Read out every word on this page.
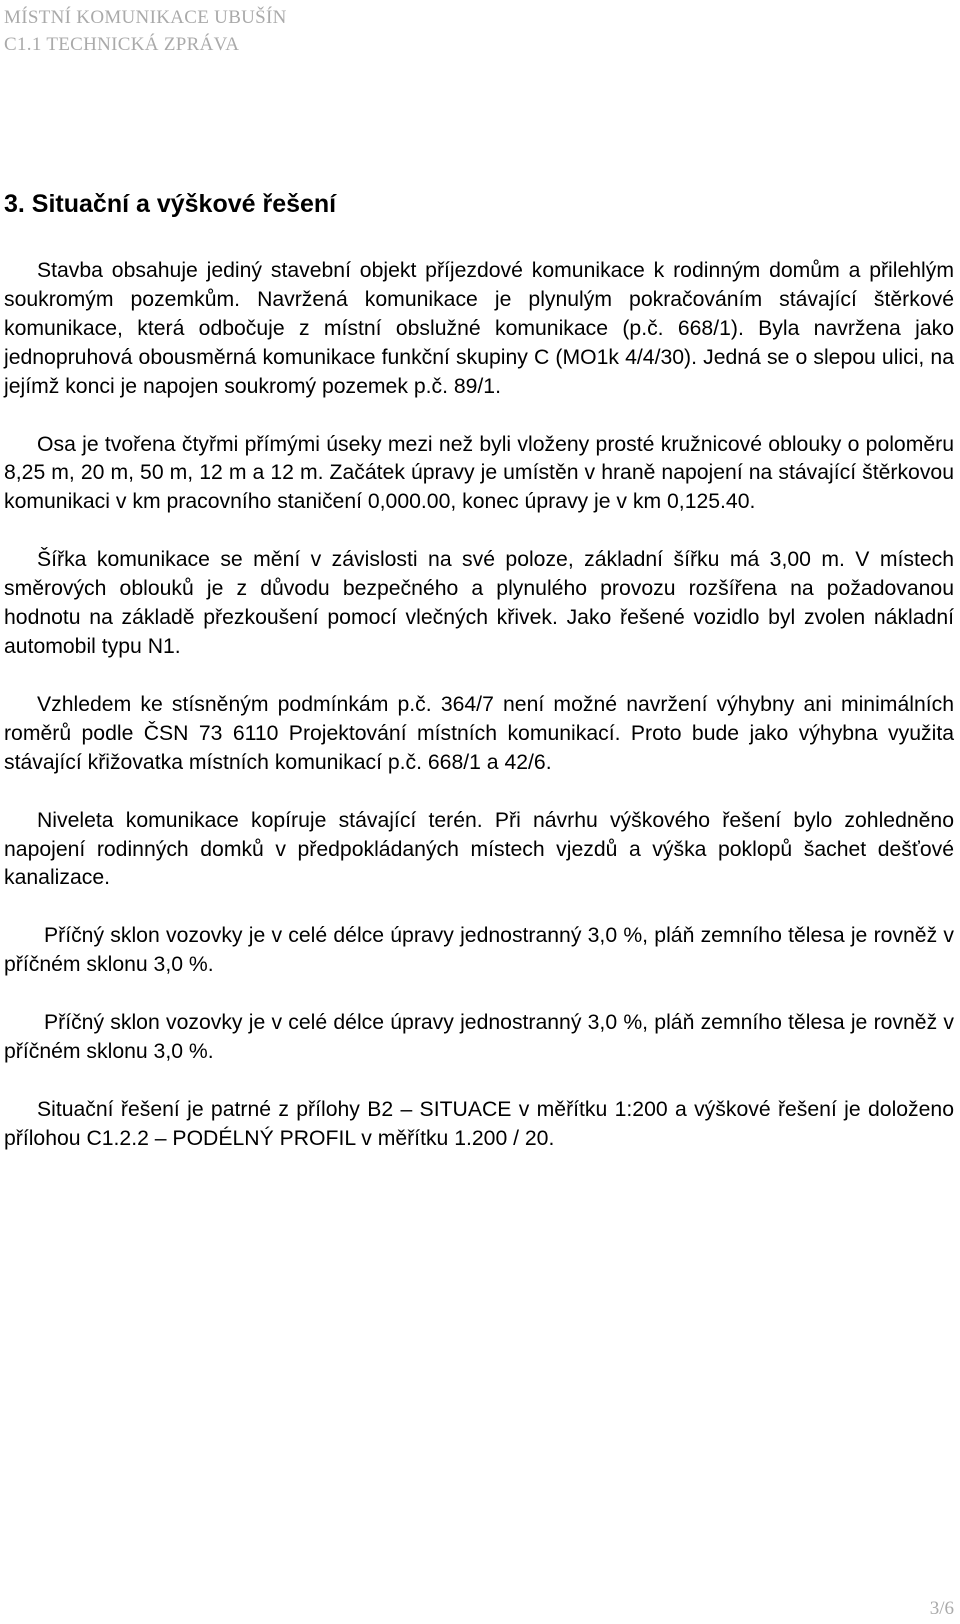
MÍSTNÍ KOMUNIKACE UBUŠÍN
C1.1 TECHNICKÁ ZPRÁVA
3. Situační a výškové řešení

Stavba obsahuje jediný stavební objekt příjezdové komunikace k rodinným domům a přilehlým soukromým pozemkům. Navržená komunikace je plynulým pokračováním stávající štěrkové komunikace, která odbočuje z místní obslužné komunikace (p.č. 668/1). Byla navržena jako jednopruhová obousměrná komunikace funkční skupiny C (MO1k 4/4/30). Jedná se o slepou ulici, na jejímž konci je napojen soukromý pozemek p.č. 89/1.

Osa je tvořena čtyřmi přímými úseky mezi než byli vloženy prosté kružnicové oblouky o poloměru 8,25 m, 20 m, 50 m, 12 m a 12 m. Začátek úpravy je umístěn v hraně napojení na stávající štěrkovou komunikaci v km pracovního staničení 0,000.00, konec úpravy je v km 0,125.40.

Šířka komunikace se mění v závislosti na své poloze, základní šířku má 3,00 m. V místech směrových oblouků je z důvodu bezpečného a plynulého provozu rozšířena na požadovanou hodnotu na základě přezkoušení pomocí vlečných křivek. Jako řešené vozidlo byl zvolen nákladní automobil typu N1.

Vzhledem ke stísněným podmínkám p.č. 364/7 není možné navržení výhybny ani minimálních roměrů podle ČSN 73 6110 Projektování místních komunikací. Proto bude jako výhybna využita stávající křižovatka místních komunikací p.č. 668/1 a 42/6.

Niveleta komunikace kopíruje stávající terén. Při návrhu výškového řešení bylo zohledněno napojení rodinných domků v předpokládaných místech vjezdů a výška poklopů šachet dešťové kanalizace.

Příčný sklon vozovky je v celé délce úpravy jednostranný 3,0 %, pláň zemního tělesa je rovněž v příčném sklonu 3,0 %.

Příčný sklon vozovky je v celé délce úpravy jednostranný 3,0 %, pláň zemního tělesa je rovněž v příčném sklonu 3,0 %.

Situační řešení je patrné z přílohy B2 – SITUACE v měřítku 1:200 a výškové řešení je doloženo přílohou C1.2.2 – PODÉLNÝ PROFIL v měřítku 1.200 / 20.

3/6
